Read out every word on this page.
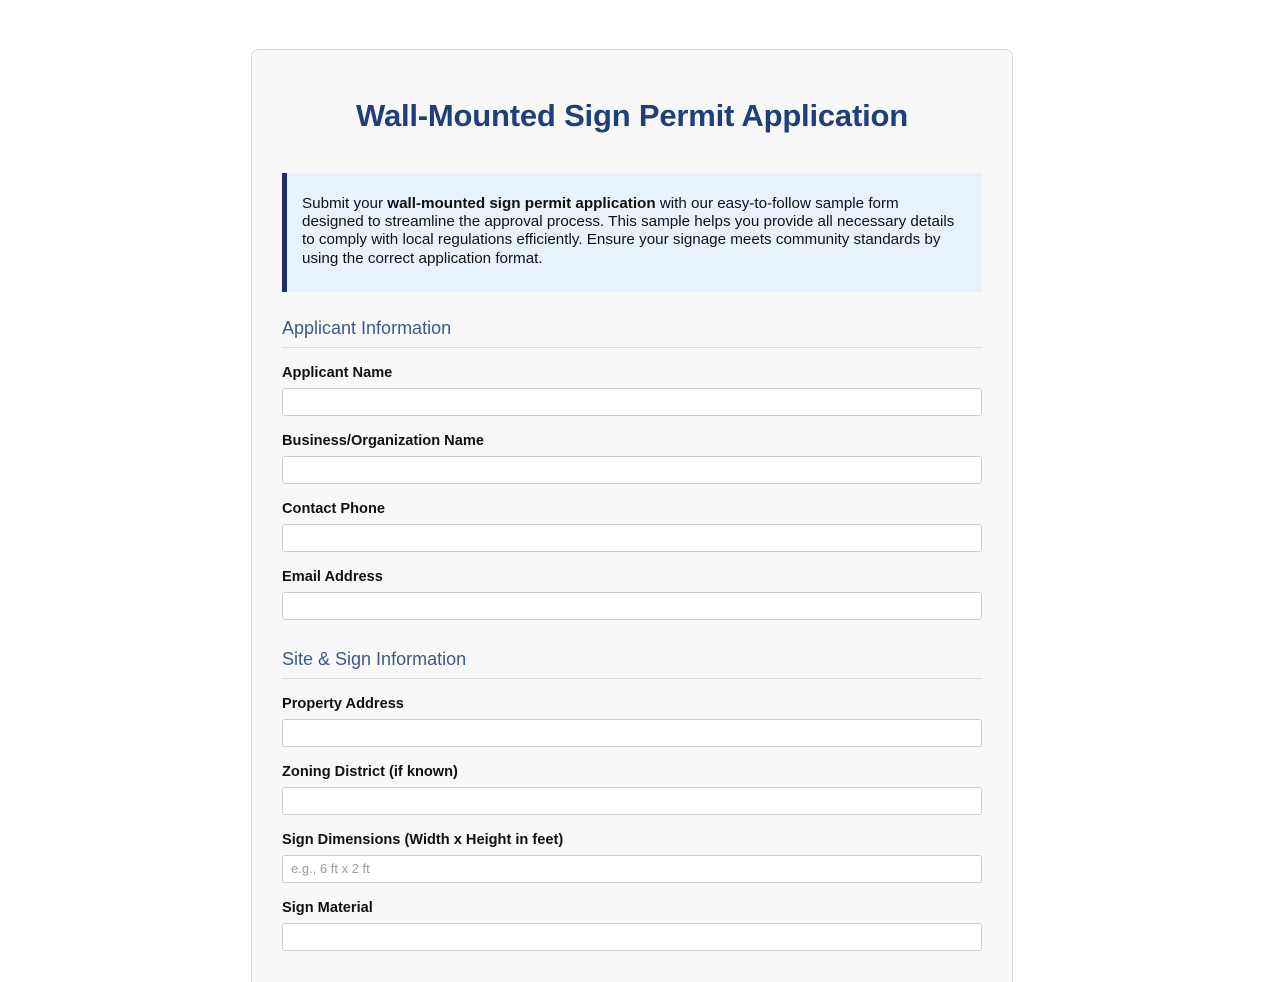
Wall-Mounted Sign Permit Application

Submit your wall-mounted sign permit application with our easy-to-follow sample form designed to streamline the approval process. This sample helps you provide all necessary details to comply with local regulations efficiently. Ensure your signage meets community standards by using the correct application format.

Applicant Information
Applicant Name
Business/Organization Name
Contact Phone
Email Address
Site & Sign Information
Property Address
Zoning District (if known)
Sign Dimensions (Width x Height in feet)
e.g., 6 ft x 2 ft
Sign Material
